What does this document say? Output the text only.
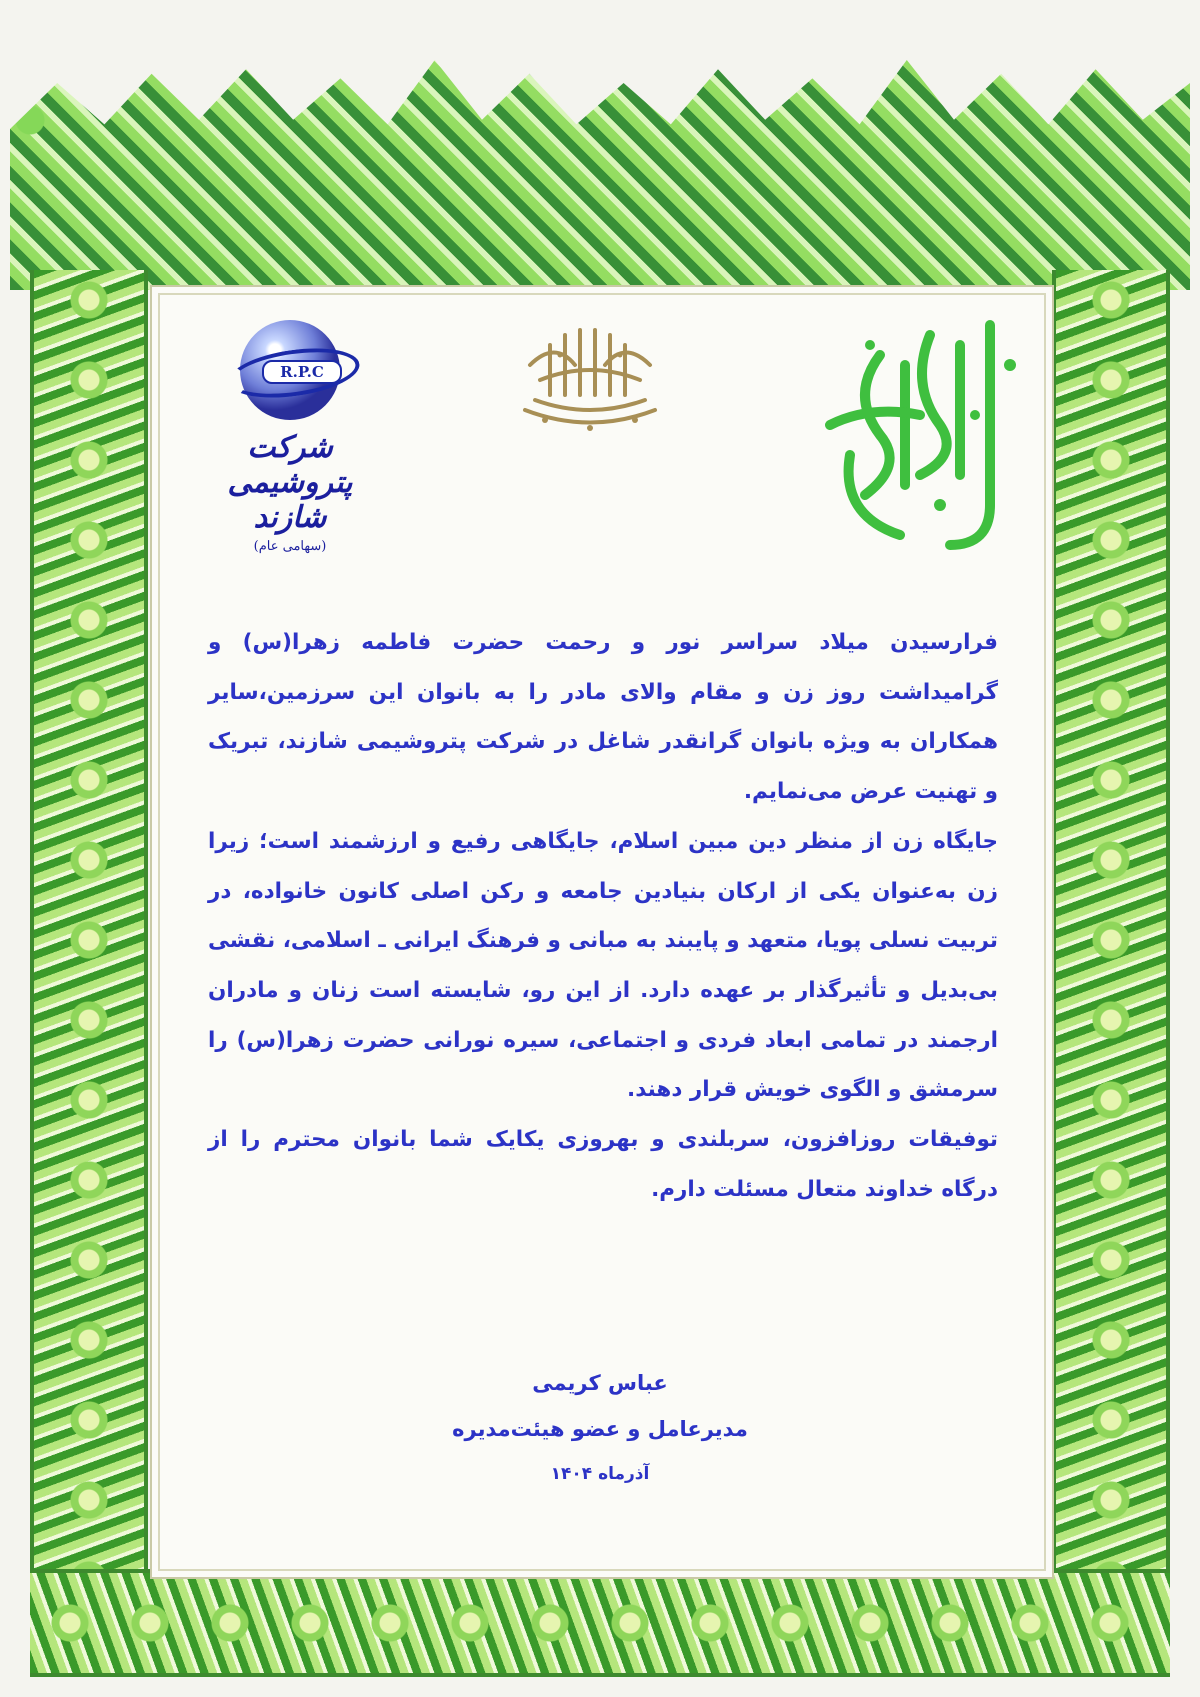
R.P.C
شرکت پتروشیمی شازند
(سهامی عام)

فرارسیدن میلاد سراسر نور و رحمت حضرت فاطمه زهرا(س) و گرامیداشت روز زن و مقام والای مادر را به بانوان این سرزمین،سایر همکاران به ویژه بانوان گرانقدر شاغل در شرکت پتروشیمی شازند، تبریک و تهنیت عرض می‌نمایم.

جایگاه زن از منظر دین مبین اسلام، جایگاهی رفیع و ارزشمند است؛ زیرا زن به‌عنوان یکی از ارکان بنیادین جامعه و رکن اصلی کانون خانواده، در تربیت نسلی پویا، متعهد و پایبند به مبانی و فرهنگ ایرانی ـ اسلامی، نقشی بی‌بدیل و تأثیرگذار بر عهده دارد. از این رو، شایسته است زنان و مادران ارجمند در تمامی ابعاد فردی و اجتماعی، سیره نورانی حضرت زهرا(س) را سرمشق و الگوی خویش قرار دهند.

توفیقات روزافزون، سربلندی و بهروزی یکایک شما بانوان محترم را از درگاه خداوند متعال مسئلت دارم.

عباس کریمی
مدیرعامل و عضو هیئت‌مدیره
آذرماه ۱۴۰۴
